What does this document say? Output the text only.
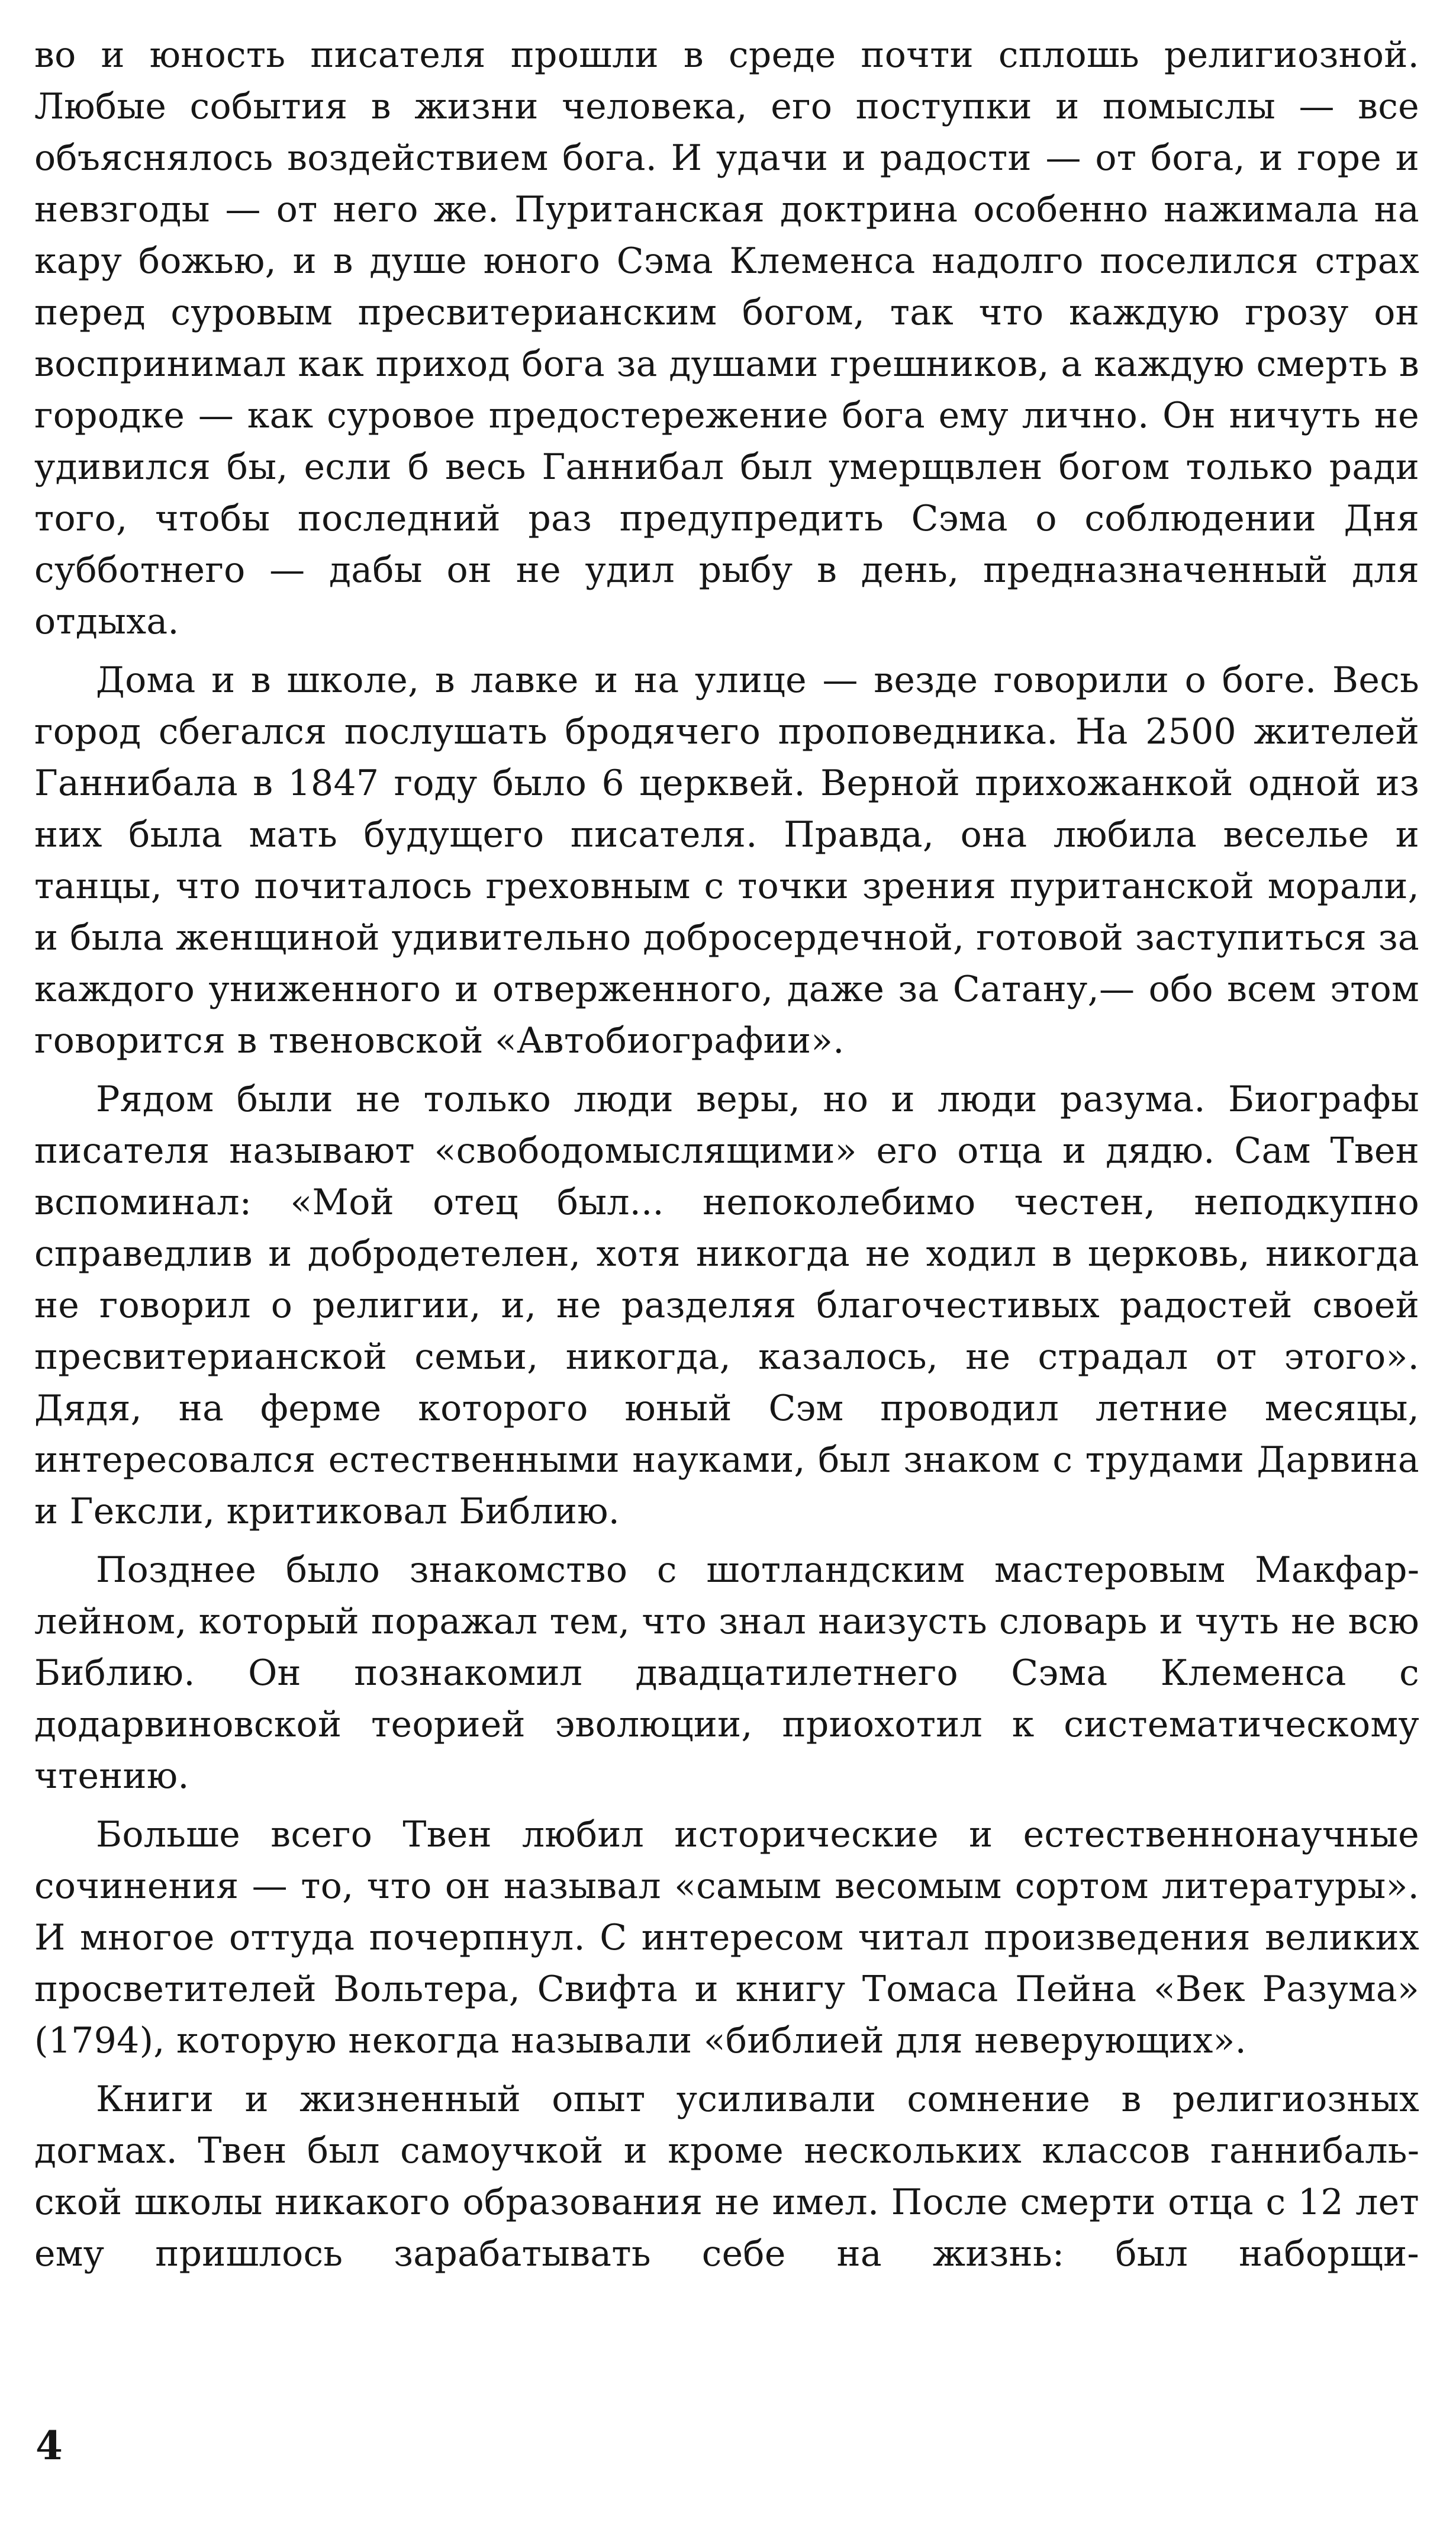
во и юность писателя прошли в среде почти сплошь религиозной. Любые события в жизни человека, его поступки и помыслы — все объяснялось воздействием бога. И удачи и радости — от бога, и горе и невзгоды — от него же. Пуританская доктрина особенно нажимала на кару божью, и в душе юного Сэма Клеменса надолго поселился страх перед суровым пресвитерианским богом, так что каждую грозу он воспринимал как приход бога за душами грешников, а каждую смерть в городке — как суровое предостережение бога ему лично. Он ничуть не удивился бы, если б весь Ганнибал был умерщвлен богом только ради того, чтобы последний раз предупредить Сэма о соблюдении Дня субботнего — дабы он не удил рыбу в день, предназначенный для отдыха.

Дома и в школе, в лавке и на улице — везде говорили о боге. Весь город сбегался послушать бродячего проповедника. На 2500 жителей Ганнибала в 1847 году было 6 церквей. Верной прихожанкой одной из них была мать будущего писателя. Правда, она любила веселье и танцы, что почиталось греховным с точки зрения пуританской морали, и была женщиной удивительно добросердечной, готовой заступиться за каждого униженного и отверженного, даже за Сатану,— обо всем этом говорится в твеновской «Автобиографии».

Рядом были не только люди веры, но и люди разума. Биографы писателя называют «свободомыслящими» его отца и дядю. Сам Твен вспоминал: «Мой отец был... непоколебимо честен, неподкупно справедлив и добродетелен, хотя никогда не ходил в церковь, никогда не говорил о религии, и, не разделяя благочестивых радостей своей пресвитерианской семьи, никогда, казалось, не страдал от этого». Дядя, на ферме которого юный Сэм проводил летние месяцы, интересовался естественными науками, был знаком с трудами Дарвина и Гексли, критиковал Библию.

Позднее было знакомство с шотландским мастеровым Макфарлейном, который поражал тем, что знал наизусть словарь и чуть не всю Библию. Он познакомил двадцатилетнего Сэма Клеменса с додарвиновской теорией эволюции, приохотил к систематическому чтению.

Больше всего Твен любил исторические и естественнонаучные сочинения — то, что он называл «самым весомым сортом литературы». И многое оттуда почерпнул. С интересом читал произведения великих просветителей Вольтера, Свифта и книгу Томаса Пейна «Век Разума» (1794), которую некогда называли «библией для неверующих».

Книги и жизненный опыт усиливали сомнение в религиозных догмах. Твен был самоучкой и кроме нескольких классов ганнибальской школы никакого образования не имел. После смерти отца с 12 лет ему пришлось зарабатывать себе на жизнь: был наборщи-

4
